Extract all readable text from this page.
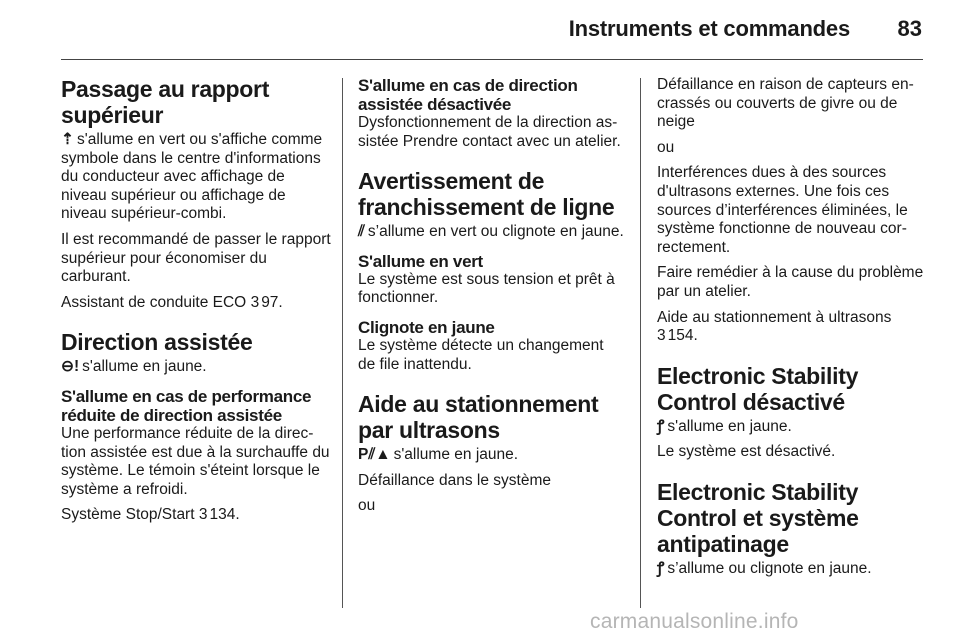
Instruments et commandes	83
Passage au rapport supérieur

⇡ s'allume en vert ou s'affiche comme symbole dans le centre d'informations du conducteur avec affichage de niveau supérieur ou affichage de niveau supérieur-combi.

Il est recommandé de passer le rapport supérieur pour économiser du carburant.

Assistant de conduite ECO 3 97.

Direction assistée

⊖! s'allume en jaune.

S'allume en cas de performance réduite de direction assistée

Une performance réduite de la direction assistée est due à la surchauffe du système. Le témoin s'éteint lorsque le système a refroidi.

Système Stop/Start 3 134.

S'allume en cas de direction assistée désactivée

Dysfonctionnement de la direction assistée Prendre contact avec un atelier.

Avertissement de franchissement de ligne

⫽ s’allume en vert ou clignote en jaune.

S'allume en vert

Le système est sous tension et prêt à fonctionner.

Clignote en jaune

Le système détecte un changement de file inattendu.

Aide au stationnement par ultrasons

P⫽▲ s'allume en jaune.

Défaillance dans le système

ou

Défaillance en raison de capteurs encrassés ou couverts de givre ou de neige

ou

Interférences dues à des sources d'ultrasons externes. Une fois ces sources d’interférences éliminées, le système fonctionne de nouveau correctement.

Faire remédier à la cause du problème par un atelier.

Aide au stationnement à ultrasons
3 154.

Electronic Stability Control désactivé

ꝭ s'allume en jaune.

Le système est désactivé.

Electronic Stability Control et système antipatinage

ꝭ s’allume ou clignote en jaune.

carmanualsonline.info
